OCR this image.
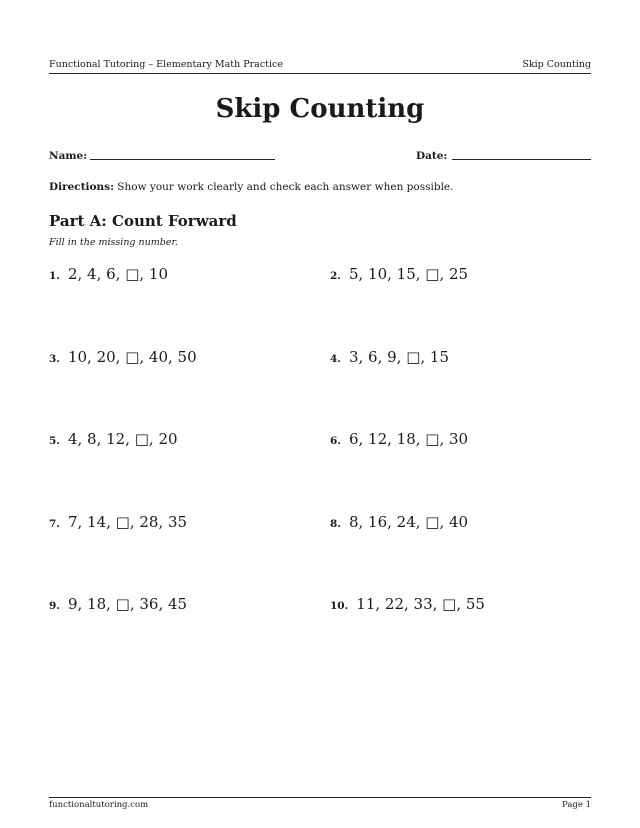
Functional Tutoring – Elementary Math Practice	Skip Counting
Skip Counting
Name:	Date:
Directions: Show your work clearly and check each answer when possible.
Part A: Count Forward
Fill in the missing number.
1. 2, 4, 6, □, 10	2. 5, 10, 15, □, 25
3. 10, 20, □, 40, 50	4. 3, 6, 9, □, 15
5. 4, 8, 12, □, 20	6. 6, 12, 18, □, 30
7. 7, 14, □, 28, 35	8. 8, 16, 24, □, 40
9. 9, 18, □, 36, 45	10. 11, 22, 33, □, 55
functionaltutoring.com	Page 1
